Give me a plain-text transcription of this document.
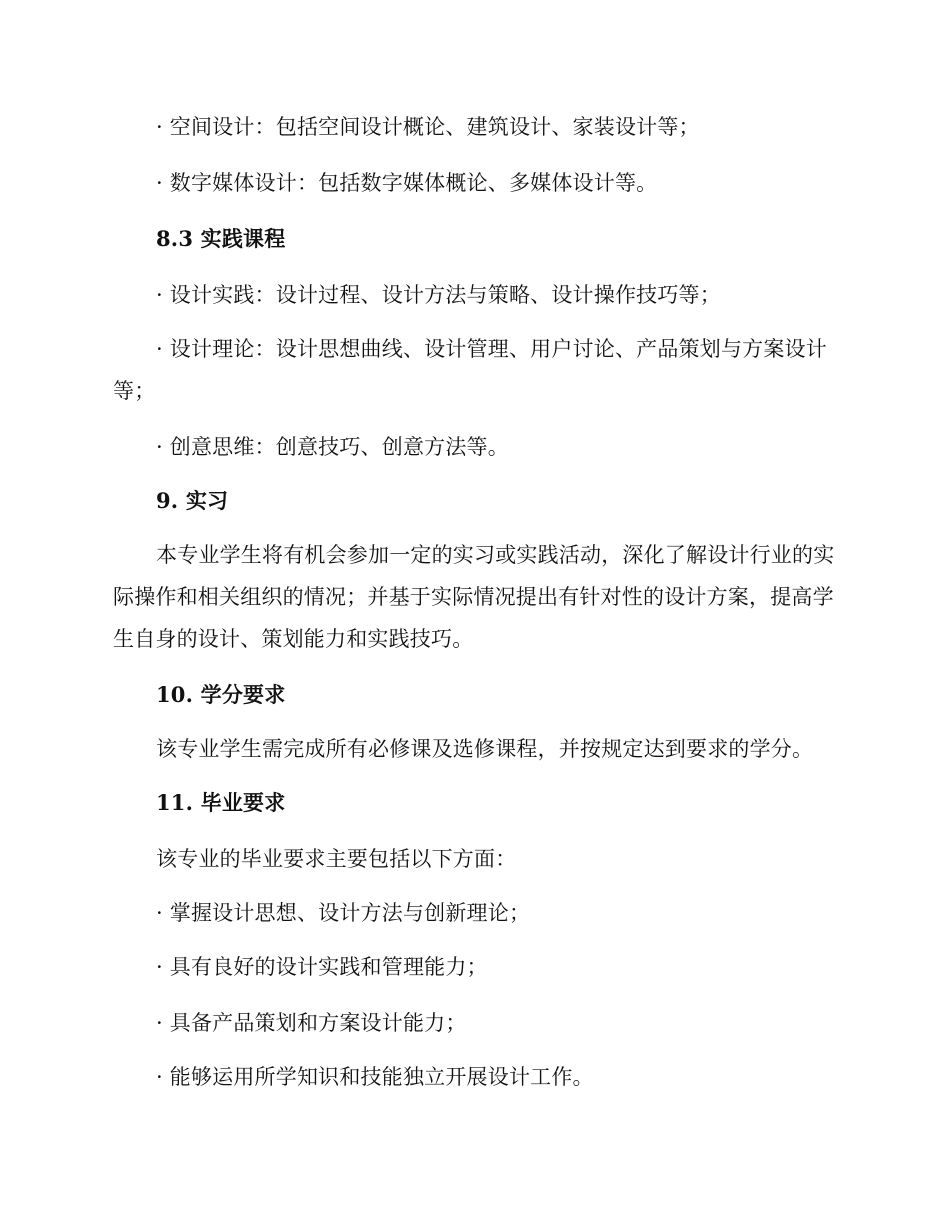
· 空间设计：包括空间设计概论、建筑设计、家装设计等；

· 数字媒体设计：包括数字媒体概论、多媒体设计等。

8.3 实践课程

· 设计实践：设计过程、设计方法与策略、设计操作技巧等；

· 设计理论：设计思想曲线、设计管理、用户讨论、产品策划与方案设计等；

· 创意思维：创意技巧、创意方法等。

9. 实习

本专业学生将有机会参加一定的实习或实践活动，深化了解设计行业的实际操作和相关组织的情况；并基于实际情况提出有针对性的设计方案，提高学生自身的设计、策划能力和实践技巧。

10. 学分要求

该专业学生需完成所有必修课及选修课程，并按规定达到要求的学分。

11. 毕业要求

该专业的毕业要求主要包括以下方面：

· 掌握设计思想、设计方法与创新理论；

· 具有良好的设计实践和管理能力；

· 具备产品策划和方案设计能力；

· 能够运用所学知识和技能独立开展设计工作。
